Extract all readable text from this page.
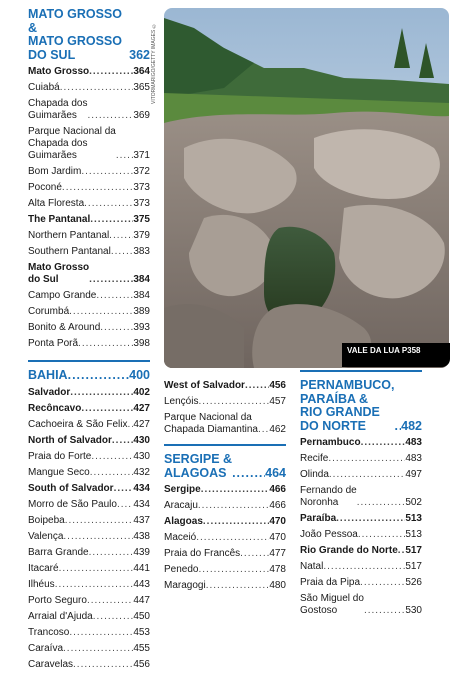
MATO GROSSO &
MATO GROSSO
DO SUL	362
Mato Grosso .....	364
Cuiabá .....	365
Chapada dos
Guimarães .....	369
Parque Nacional da
Chapada dos
Guimarães .....	371
Bom Jardim .....	372
Poconé .....	373
Alta Floresta .....	373
The Pantanal .....	375
Northern Pantanal ..... 379
Southern Pantanal ..... 383
Mato Grosso
do Sul .....	384
Campo Grande .....	384
Corumbá .....	389
Bonito & Around .....	393
Ponta Porã .....	398
BAHIA .....	400
Salvador .....	402
Recôncavo .....	427
Cachoeira & São Felix ..... 427
North of Salvador ..... 430
Praia do Forte .....	430
Mangue Seco .....	432
South of Salvador ..... 434
Morro de São Paulo ..... 434
Boipeba .....	437
Valença .....	438
Barra Grande .....	439
Itacaré .....	441
Ilhéus .....	443
Porto Seguro .....	447
Arraial d'Ajuda .....	450
Trancoso .....	453
Caraíva .....	455
Caravelas .....	456
VITORMARIGO/GETTY IMAGES ©
VALE DA LUA P358
West of Salvador ..... 456
Lençóis .....	457
Parque Nacional da
Chapada Diamantina ..... 462
SERGIPE &
ALAGOAS .....	464
Sergipe .....	466
Aracaju .....	466
Alagoas .....	470
Maceió .....	470
Praia do Francês .....	477
Penedo .....	478
Maragogi .....	480
PERNAMBUCO,
PARAÍBA &
RIO GRANDE
DO NORTE .....	482
Pernambuco .....	483
Recife .....	483
Olinda .....	497
Fernando de
Noronha .....	502
Paraíba .....	513
João Pessoa .....	513
Rio Grande do Norte ..... 517
Natal .....	517
Praia da Pipa .....	526
São Miguel do
Gostoso .....	530
